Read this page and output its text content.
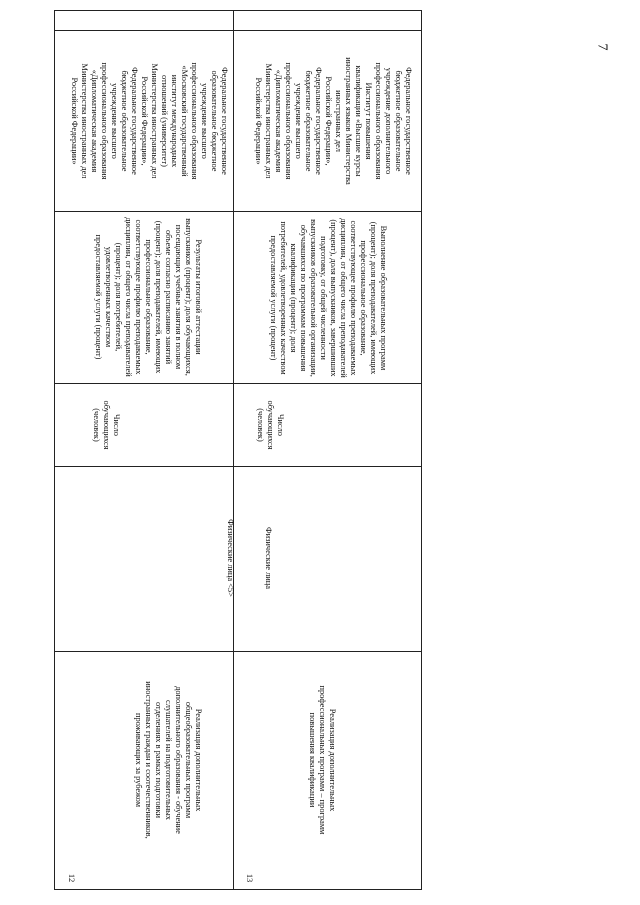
7
12
Реализация дополнительных
общеобразовательных программ
дополнительного образования - обучение
слушателей на подготовительных
отделениях в рамках подготовки
иностранных граждан и соотечественников,
проживающих за рубежом
Физические лица <5>
Число
обучающихся
(человек)
Результаты итоговой аттестации
выпускников (процент); доля обучающихся,
посещающих учебные занятия в полном
объеме согласно расписанию занятий
(процент); доля преподавателей, имеющих
профессиональное образование,
соответствующее профилю преподаваемых
дисциплин, от общего числа преподавателей
(процент); доля потребителей,
удовлетворенных качеством
предоставляемой услуги (процент)
Федеральное государственное
образовательное бюджетное
учреждение высшего
профессионального образования
«Московский государственный
институт международных
отношений (университет)
Министерства иностранных дел
Российской Федерации»,
Федеральное государственное
бюджетное образовательное
учреждение высшего
профессионального образования
«Дипломатическая академия
Министерства иностранных дел
Российской Федерации»
13
Реализация дополнительных
профессиональных программ – программ
повышения квалификации
Физические лица
Число
обучающихся
(человек)
Выполнение образовательных программ
(процент); доля преподавателей, имеющих
профессиональное образование,
соответствующее профилю преподаваемых
дисциплин, от общего числа преподавателей
(процент), доля выпускников, завершивших
подготовку, от общей численности
выпускников образовательной организации,
обучавшихся по программам повышения
квалификации (процент); доля
потребителей, удовлетворенных качеством
предоставляемой услуги (процент)
Федеральное государственное
бюджетное образовательное
учреждение дополнительного
профессионального образования
Институт повышения
квалификации «Высшие курсы
иностранных языков Министерства
иностранных дел
Российской Федерации»,
Федеральное государственное
бюджетное образовательное
учреждение высшего
профессионального образования
«Дипломатическая академия
Министерства иностранных дел
Российской Федерации»
